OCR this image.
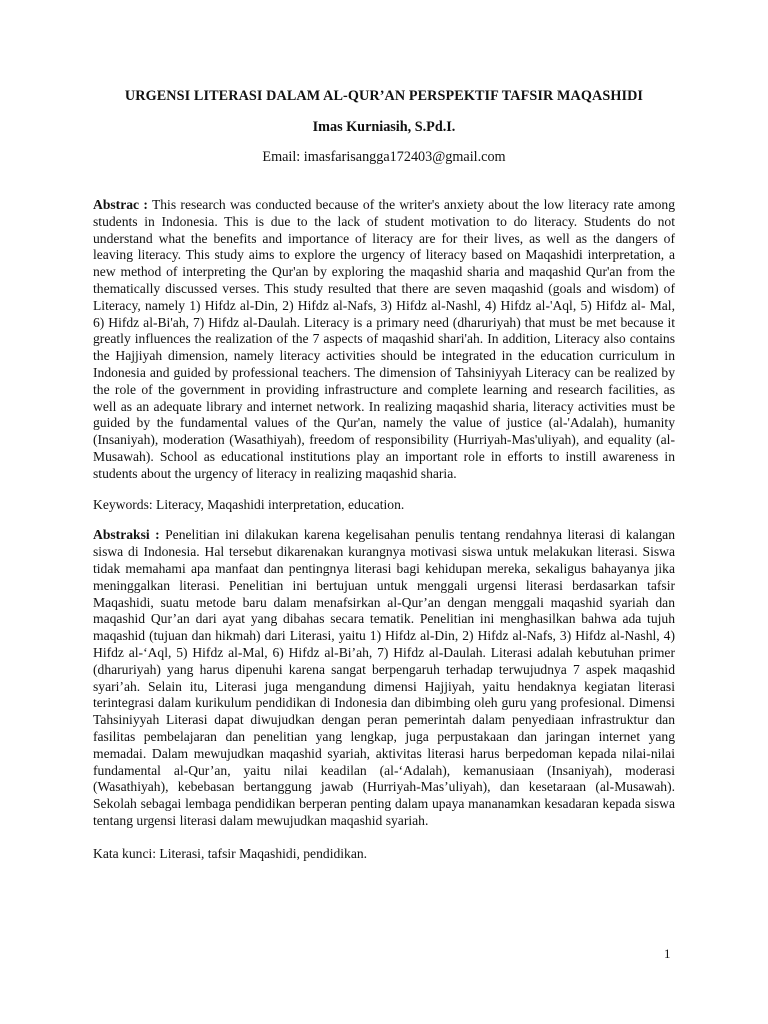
URGENSI LITERASI DALAM AL-QUR’AN PERSPEKTIF TAFSIR MAQASHIDI
Imas Kurniasih, S.Pd.I.
Email: imasfarisangga172403@gmail.com

Abstrac : This research was conducted because of the writer's anxiety about the low literacy rate among students in Indonesia. This is due to the lack of student motivation to do literacy. Students do not understand what the benefits and importance of literacy are for their lives, as well as the dangers of leaving literacy. This study aims to explore the urgency of literacy based on Maqashidi interpretation, a new method of interpreting the Qur'an by exploring the maqashid sharia and maqashid Qur'an from the thematically discussed verses. This study resulted that there are seven maqashid (goals and wisdom) of Literacy, namely 1) Hifdz al-Din, 2) Hifdz al-Nafs, 3) Hifdz al-Nashl, 4) Hifdz al-'Aql, 5) Hifdz al- Mal, 6) Hifdz al-Bi'ah, 7) Hifdz al-Daulah. Literacy is a primary need (dharuriyah) that must be met because it greatly influences the realization of the 7 aspects of maqashid shari'ah. In addition, Literacy also contains the Hajjiyah dimension, namely literacy activities should be integrated in the education curriculum in Indonesia and guided by professional teachers. The dimension of Tahsiniyyah Literacy can be realized by the role of the government in providing infrastructure and complete learning and research facilities, as well as an adequate library and internet network. In realizing maqashid sharia, literacy activities must be guided by the fundamental values of the Qur'an, namely the value of justice (al-'Adalah), humanity (Insaniyah), moderation (Wasathiyah), freedom of responsibility (Hurriyah-Mas'uliyah), and equality (al-Musawah). School as educational institutions play an important role in efforts to instill awareness in students about the urgency of literacy in realizing maqashid sharia.

Keywords: Literacy, Maqashidi interpretation, education.

Abstraksi : Penelitian ini dilakukan karena kegelisahan penulis tentang rendahnya literasi di kalangan siswa di Indonesia. Hal tersebut dikarenakan kurangnya motivasi siswa untuk melakukan literasi. Siswa tidak memahami apa manfaat dan pentingnya literasi bagi kehidupan mereka, sekaligus bahayanya jika meninggalkan literasi. Penelitian ini bertujuan untuk menggali urgensi literasi berdasarkan tafsir Maqashidi, suatu metode baru dalam menafsirkan al-Qur’an dengan menggali maqashid syariah dan maqashid Qur’an dari ayat yang dibahas secara tematik. Penelitian ini menghasilkan bahwa ada tujuh maqashid (tujuan dan hikmah) dari Literasi, yaitu 1) Hifdz al-Din, 2) Hifdz al-Nafs, 3) Hifdz al-Nashl, 4) Hifdz al-‘Aql, 5) Hifdz al-Mal, 6) Hifdz al-Bi’ah, 7) Hifdz al-Daulah. Literasi adalah kebutuhan primer (dharuriyah) yang harus dipenuhi karena sangat berpengaruh terhadap terwujudnya 7 aspek maqashid syari’ah. Selain itu, Literasi juga mengandung dimensi Hajjiyah, yaitu hendaknya kegiatan literasi terintegrasi dalam kurikulum pendidikan di Indonesia dan dibimbing oleh guru yang profesional. Dimensi Tahsiniyyah Literasi dapat diwujudkan dengan peran pemerintah dalam penyediaan infrastruktur dan fasilitas pembelajaran dan penelitian yang lengkap, juga perpustakaan dan jaringan internet yang memadai. Dalam mewujudkan maqashid syariah, aktivitas literasi harus berpedoman kepada nilai-nilai fundamental al-Qur’an, yaitu nilai keadilan (al-‘Adalah), kemanusiaan (Insaniyah), moderasi (Wasathiyah), kebebasan bertanggung jawab (Hurriyah-Mas’uliyah), dan kesetaraan (al-Musawah). Sekolah sebagai lembaga pendidikan berperan penting dalam upaya mananamkan kesadaran kepada siswa tentang urgensi literasi dalam mewujudkan maqashid syariah.

Kata kunci: Literasi, tafsir Maqashidi, pendidikan.

1
